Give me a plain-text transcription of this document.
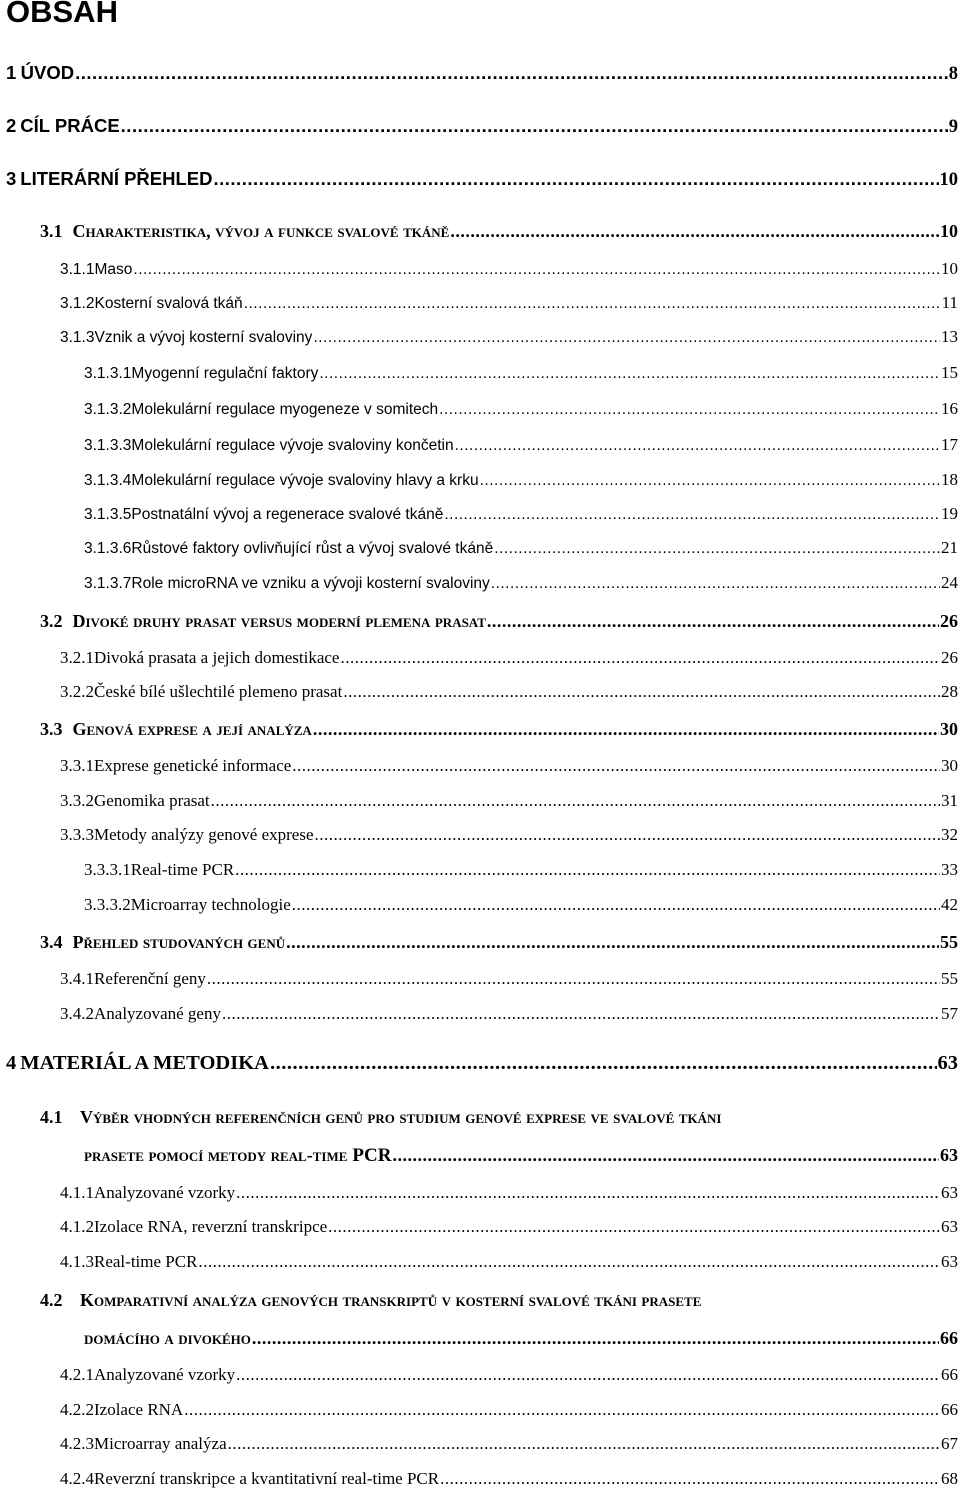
OBSAH
1 ÚVOD .....	8
2 CÍL PRÁCE .....	9
3 LITERÁRNÍ PŘEHLED .....	10
3.1 Charakteristika, vývoj a funkce svalové tkáně .....	10
3.1.1 Maso .....	10
3.1.2 Kosterní svalová tkáň .....	11
3.1.3 Vznik a vývoj kosterní svaloviny .....	13
3.1.3.1 Myogenní regulační faktory .....	15
3.1.3.2 Molekulární regulace myogeneze v somitech .....	16
3.1.3.3 Molekulární regulace vývoje svaloviny končetin .....	17
3.1.3.4 Molekulární regulace vývoje svaloviny hlavy a krku .....	18
3.1.3.5 Postnatální vývoj a regenerace svalové tkáně .....	19
3.1.3.6 Růstové faktory ovlivňující růst a vývoj svalové tkáně .....	21
3.1.3.7 Role microRNA ve vzniku a vývoji kosterní svaloviny .....	24
3.2 Divoké druhy prasat versus moderní plemena prasat .....	26
3.2.1 Divoká prasata a jejich domestikace .....	26
3.2.2 České bílé ušlechtilé plemeno prasat .....	28
3.3 Genová exprese a její analýza .....	30
3.3.1 Exprese genetické informace .....	30
3.3.2 Genomika prasat .....	31
3.3.3 Metody analýzy genové exprese .....	32
3.3.3.1 Real-time PCR .....	33
3.3.3.2 Microarray technologie .....	42
3.4 Přehled studovaných genů .....	55
3.4.1 Referenční geny .....	55
3.4.2 Analyzované geny .....	57
4 MATERIÁL A METODIKA .....	63
4.1 Výběr vhodných referenčních genů pro studium genové exprese ve svalové tkáni
prasete pomocí metody real-time PCR .....	63
4.1.1 Analyzované vzorky .....	63
4.1.2 Izolace RNA, reverzní transkripce .....	63
4.1.3 Real-time PCR .....	63
4.2 Komparativní analýza genových transkriptů v kosterní svalové tkáni prasete
domácího a divokého .....	66
4.2.1 Analyzované vzorky .....	66
4.2.2 Izolace RNA .....	66
4.2.3 Microarray analýza .....	67
4.2.4 Reverzní transkripce a kvantitativní real-time PCR .....	68
